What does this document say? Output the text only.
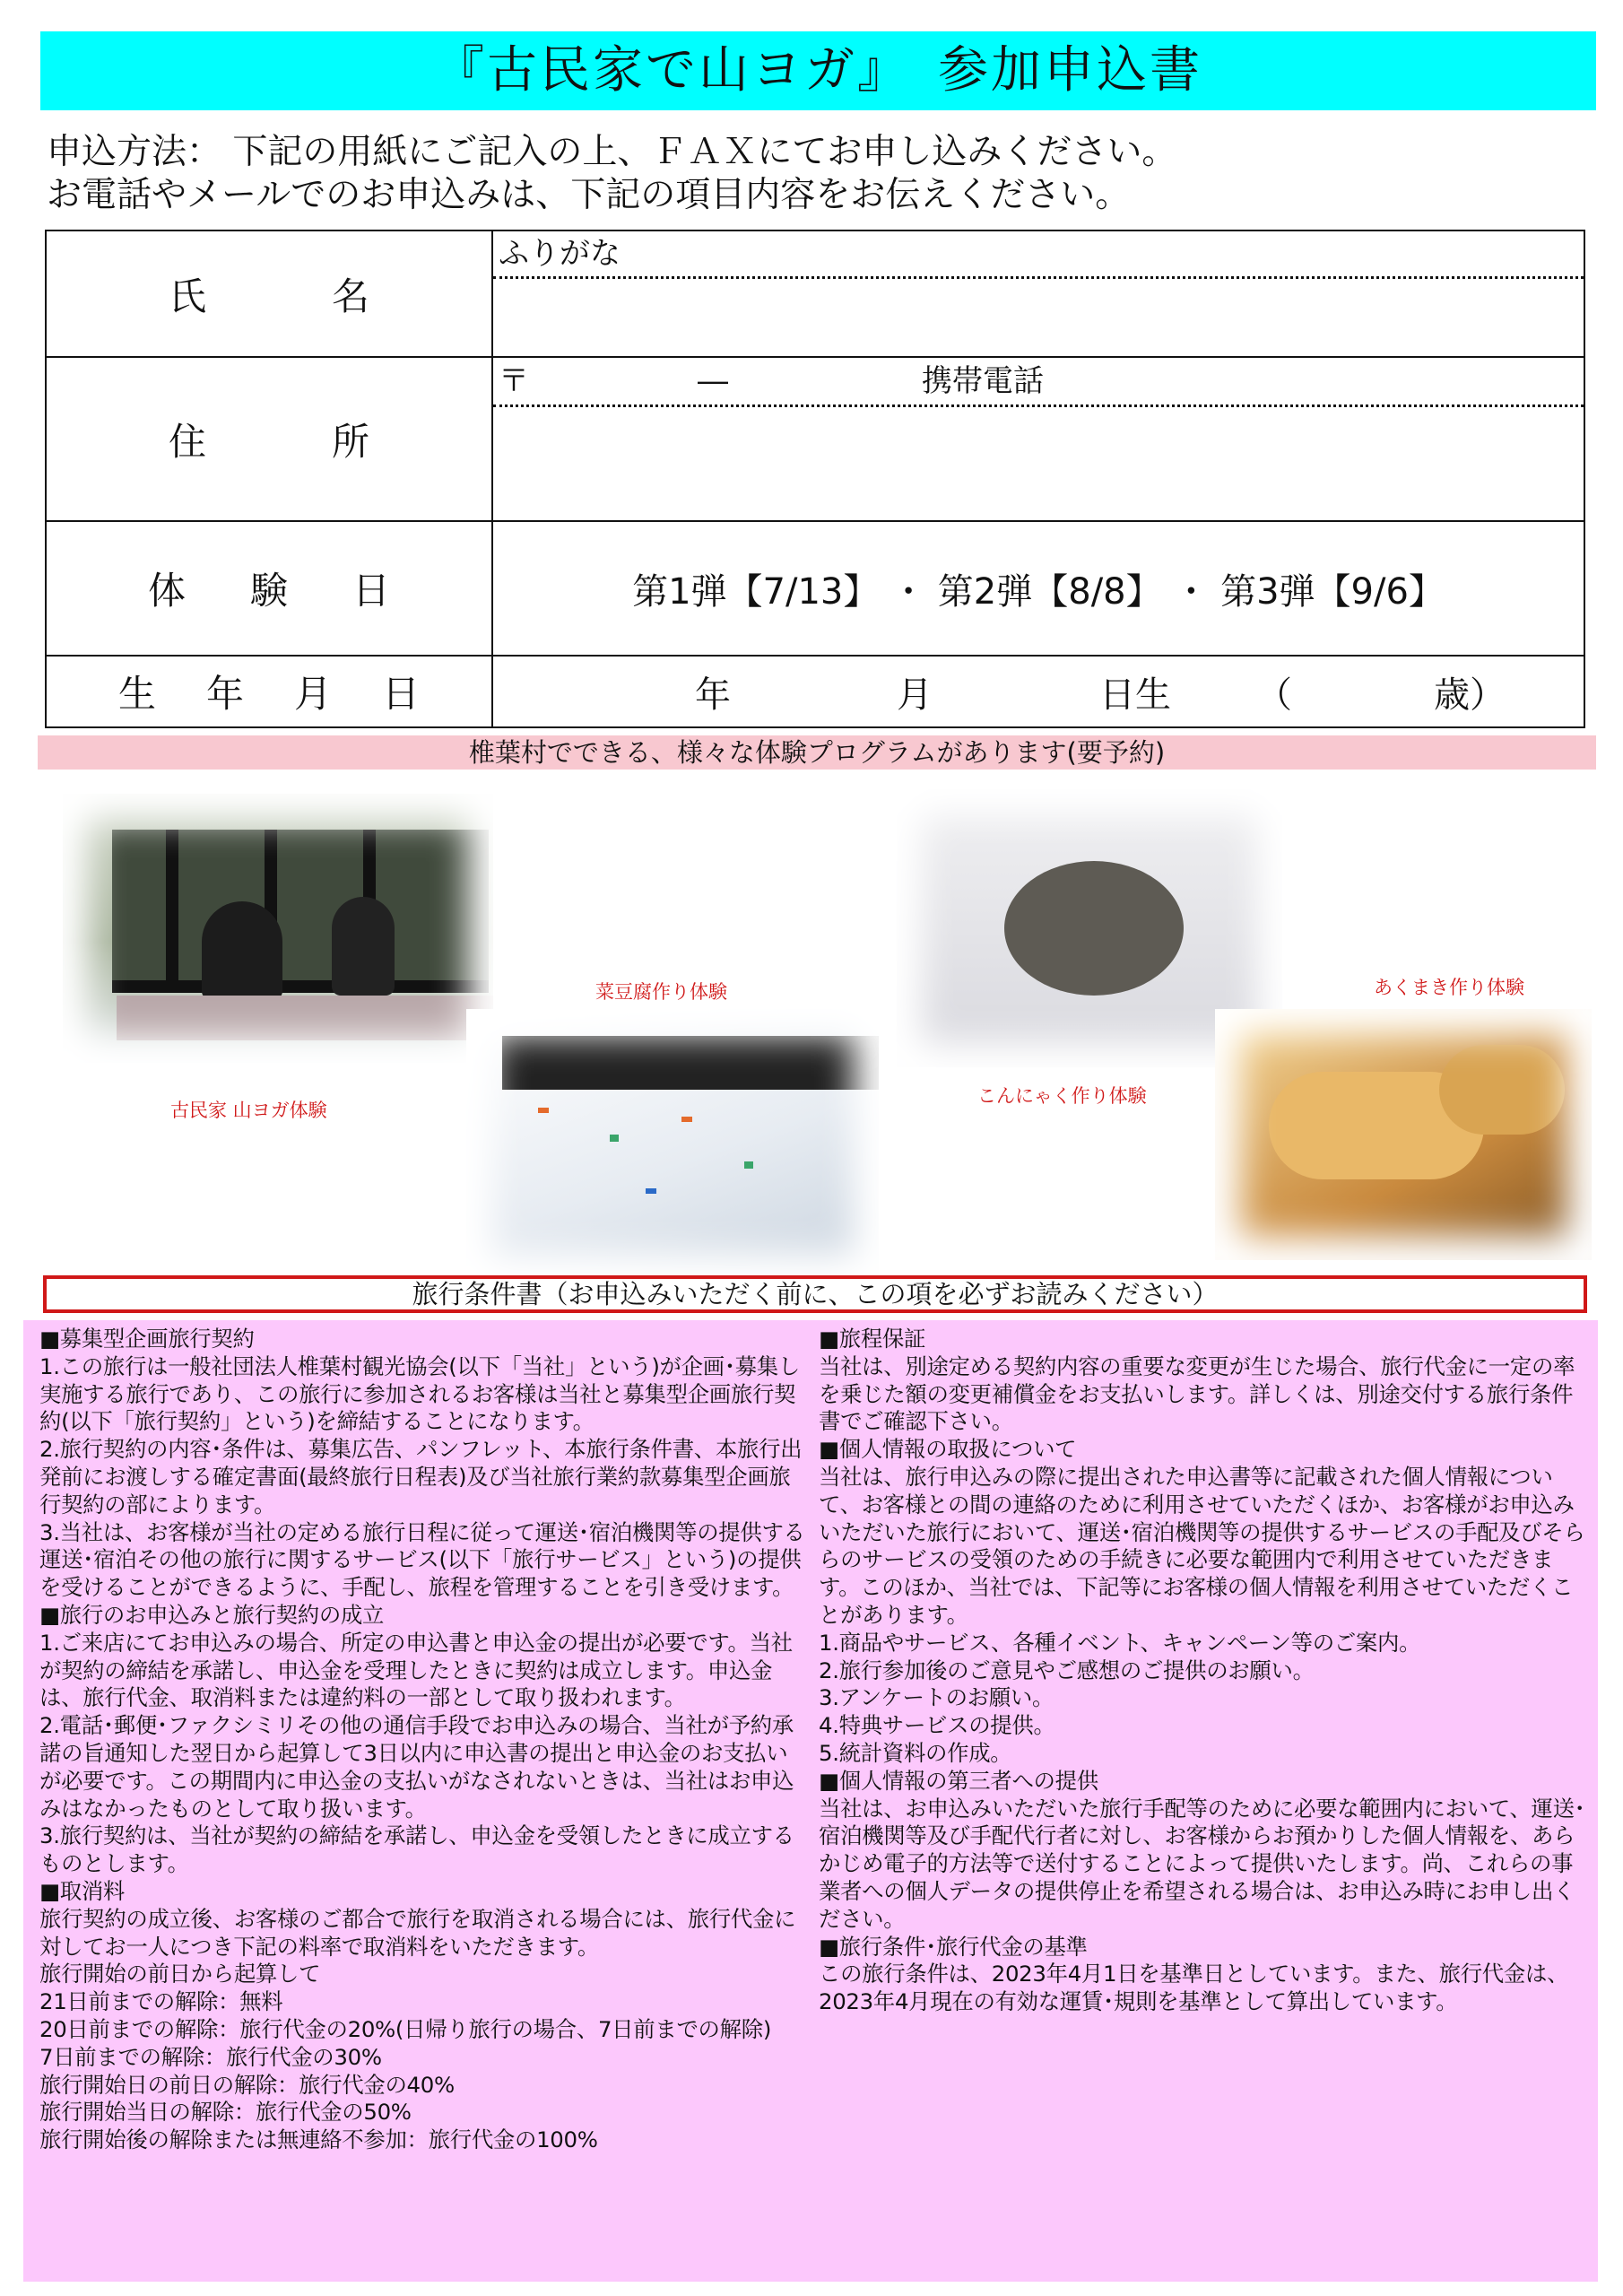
『古民家で山ヨガ』　参加申込書
申込方法： 下記の用紙にご記入の上、ＦＡＸにてお申し込みください。
お電話やメールでのお申込みは、下記の項目内容をお伝えください。
氏 名	ふりがな

住 所	〒 ― 携帯電話

体 験 日	第1弾【7/13】 ・ 第2弾【8/8】 ・ 第3弾【9/6】

生 年 月 日	年 月 日生 （ 歳）
椎葉村でできる、様々な体験プログラムがあります(要予約)
古民家 山ヨガ体験
菜豆腐作り体験
こんにゃく作り体験
あくまき作り体験
旅行条件書（お申込みいただく前に、この項を必ずお読みください）

■募集型企画旅行契約

1.この旅行は一般社団法人椎葉村観光協会(以下「当社」という)が企画･募集し実施する旅行であり、この旅行に参加されるお客様は当社と募集型企画旅行契約(以下「旅行契約」という)を締結することになります。

2.旅行契約の内容･条件は、募集広告、パンフレット、本旅行条件書、本旅行出発前にお渡しする確定書面(最終旅行日程表)及び当社旅行業約款募集型企画旅行契約の部によります。

3.当社は、お客様が当社の定める旅行日程に従って運送･宿泊機関等の提供する運送･宿泊その他の旅行に関するサービス(以下「旅行サービス」という)の提供を受けることができるように、手配し、旅程を管理することを引き受けます。

■旅行のお申込みと旅行契約の成立

1.ご来店にてお申込みの場合、所定の申込書と申込金の提出が必要です。当社が契約の締結を承諾し、申込金を受理したときに契約は成立します。申込金は、旅行代金、取消料または違約料の一部として取り扱われます。

2.電話･郵便･ファクシミリその他の通信手段でお申込みの場合、当社が予約承諾の旨通知した翌日から起算して3日以内に申込書の提出と申込金のお支払いが必要です。この期間内に申込金の支払いがなされないときは、当社はお申込みはなかったものとして取り扱います。

3.旅行契約は、当社が契約の締結を承諾し、申込金を受領したときに成立するものとします。

■取消料

旅行契約の成立後、お客様のご都合で旅行を取消される場合には、旅行代金に対してお一人につき下記の料率で取消料をいただきます。

旅行開始の前日から起算して

21日前までの解除：無料

20日前までの解除：旅行代金の20%(日帰り旅行の場合、7日前までの解除)

7日前までの解除：旅行代金の30%

旅行開始日の前日の解除：旅行代金の40%

旅行開始当日の解除：旅行代金の50%

旅行開始後の解除または無連絡不参加：旅行代金の100%

■旅程保証

当社は、別途定める契約内容の重要な変更が生じた場合、旅行代金に一定の率を乗じた額の変更補償金をお支払いします。詳しくは、別途交付する旅行条件書でご確認下さい。

■個人情報の取扱について

当社は、旅行申込みの際に提出された申込書等に記載された個人情報について、お客様との間の連絡のために利用させていただくほか、お客様がお申込みいただいた旅行において、運送･宿泊機関等の提供するサービスの手配及びそららのサービスの受領のための手続きに必要な範囲内で利用させていただきます。このほか、当社では、下記等にお客様の個人情報を利用させていただくことがあります。

1.商品やサービス、各種イベント、キャンペーン等のご案内。

2.旅行参加後のご意見やご感想のご提供のお願い。

3.アンケートのお願い。

4.特典サービスの提供。

5.統計資料の作成。

■個人情報の第三者への提供

当社は、お申込みいただいた旅行手配等のために必要な範囲内において、運送･宿泊機関等及び手配代行者に対し、お客様からお預かりした個人情報を、あらかじめ電子的方法等で送付することによって提供いたします。尚、これらの事業者への個人データの提供停止を希望される場合は、お申込み時にお申し出ください。

■旅行条件･旅行代金の基準

この旅行条件は、2023年4月1日を基準日としています。また、旅行代金は、2023年4月現在の有効な運賃･規則を基準として算出しています。
